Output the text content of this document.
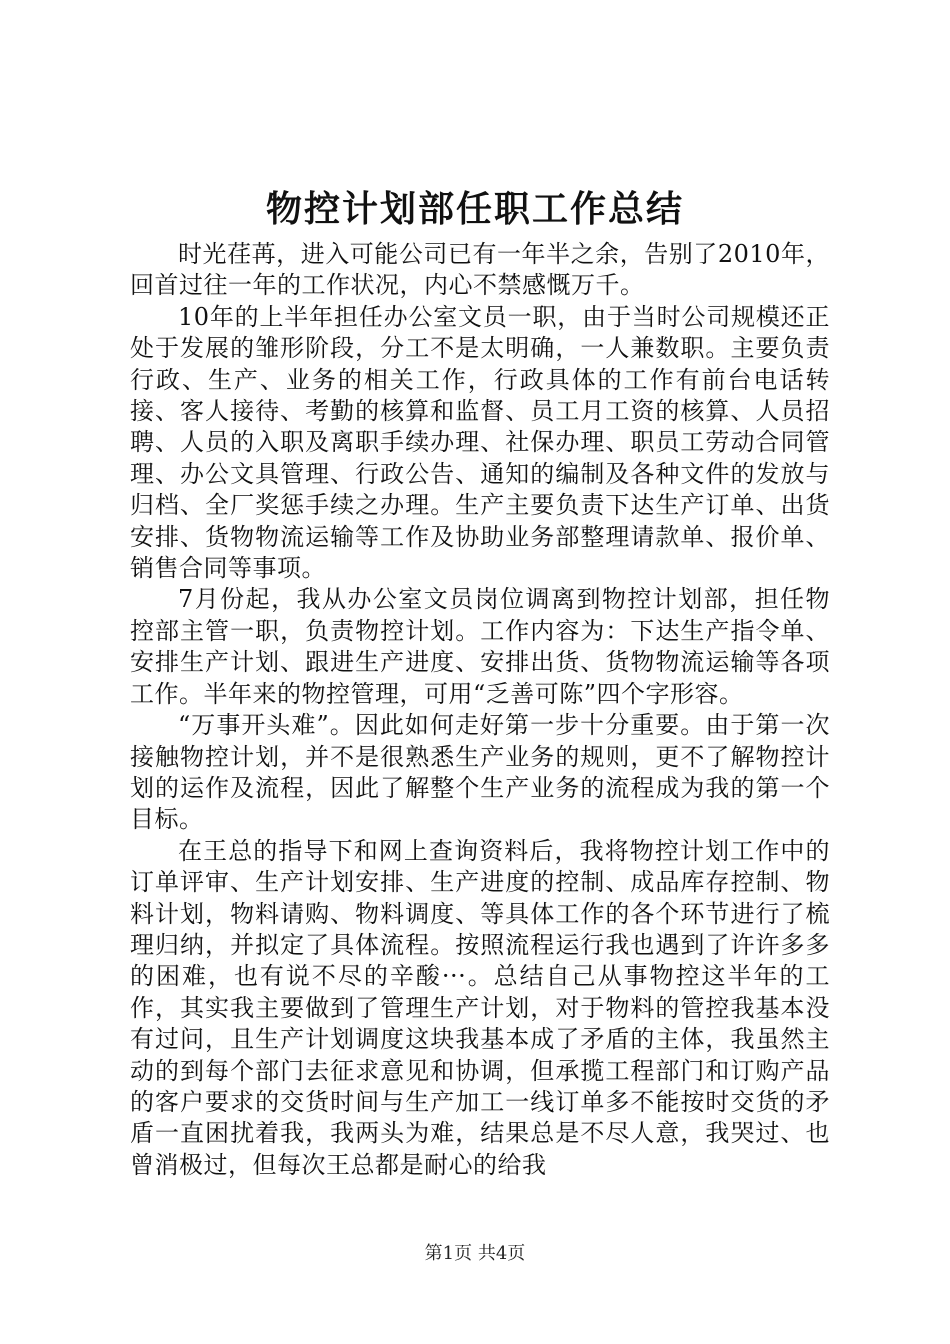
物控计划部任职工作总结

时光荏苒，进入可能公司已有一年半之余，告别了2010年，回首过往一年的工作状况，内心不禁感慨万千。

10年的上半年担任办公室文员一职，由于当时公司规模还正处于发展的雏形阶段，分工不是太明确，一人兼数职。主要负责行政、生产、业务的相关工作，行政具体的工作有前台电话转接、客人接待、考勤的核算和监督、员工月工资的核算、人员招聘、人员的入职及离职手续办理、社保办理、职员工劳动合同管理、办公文具管理、行政公告、通知的编制及各种文件的发放与归档、全厂奖惩手续之办理。生产主要负责下达生产订单、出货安排、货物物流运输等工作及协助业务部整理请款单、报价单、销售合同等事项。

7月份起，我从办公室文员岗位调离到物控计划部，担任物控部主管一职，负责物控计划。工作内容为：下达生产指令单、安排生产计划、跟进生产进度、安排出货、货物物流运输等各项工作。半年来的物控管理，可用“乏善可陈”四个字形容。

“万事开头难”。因此如何走好第一步十分重要。由于第一次接触物控计划，并不是很熟悉生产业务的规则，更不了解物控计划的运作及流程，因此了解整个生产业务的流程成为我的第一个目标。

在王总的指导下和网上查询资料后，我将物控计划工作中的订单评审、生产计划安排、生产进度的控制、成品库存控制、物料计划，物料请购、物料调度、等具体工作的各个环节进行了梳理归纳，并拟定了具体流程。按照流程运行我也遇到了许许多多的困难，也有说不尽的辛酸···。总结自己从事物控这半年的工作，其实我主要做到了管理生产计划，对于物料的管控我基本没有过问，且生产计划调度这块我基本成了矛盾的主体，我虽然主动的到每个部门去征求意见和协调，但承揽工程部门和订购产品的客户要求的交货时间与生产加工一线订单多不能按时交货的矛盾一直困扰着我，我两头为难，结果总是不尽人意，我哭过、也曾消极过，但每次王总都是耐心的给我

第1页 共4页
